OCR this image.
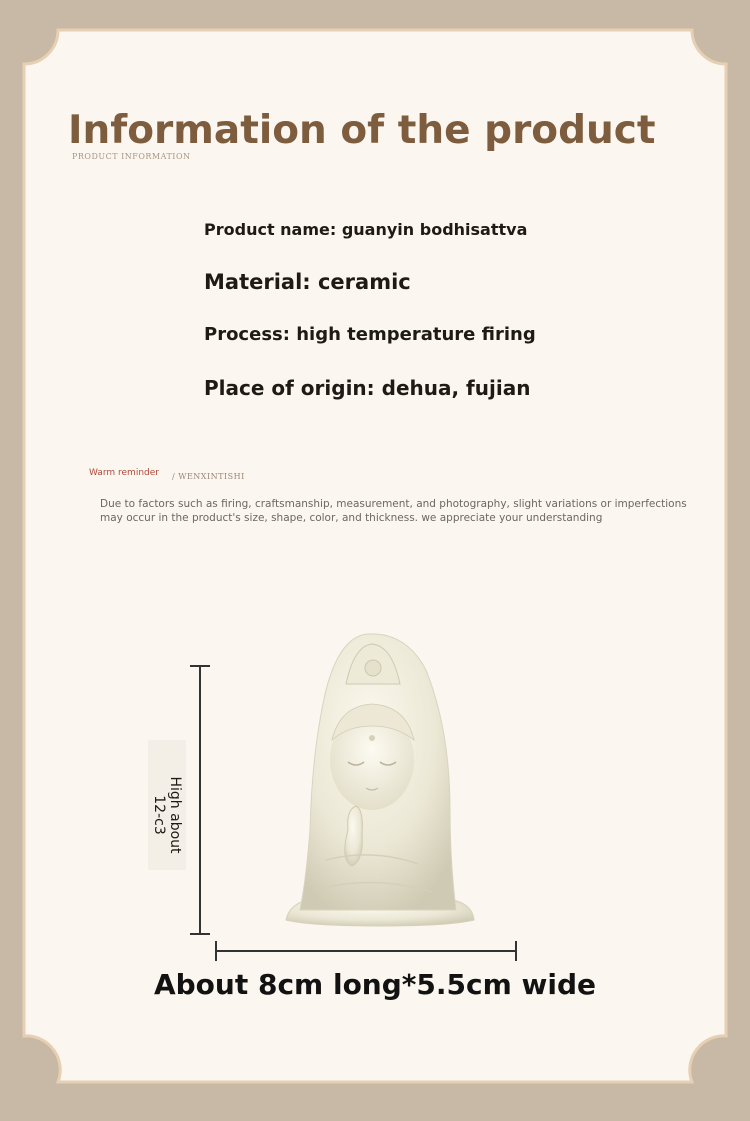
Information of the product
PRODUCT INFORMATION

Product name: guanyin bodhisattva

Material: ceramic

Process: high temperature firing

Place of origin: dehua, fujian

Warm reminder / WENXINTISHI

Due to factors such as firing, craftsmanship, measurement, and photography, slight variations or imperfections may occur in the product's size, shape, color, and thickness. we appreciate your understanding

High about
12-c3

About 8cm long*5.5cm wide
